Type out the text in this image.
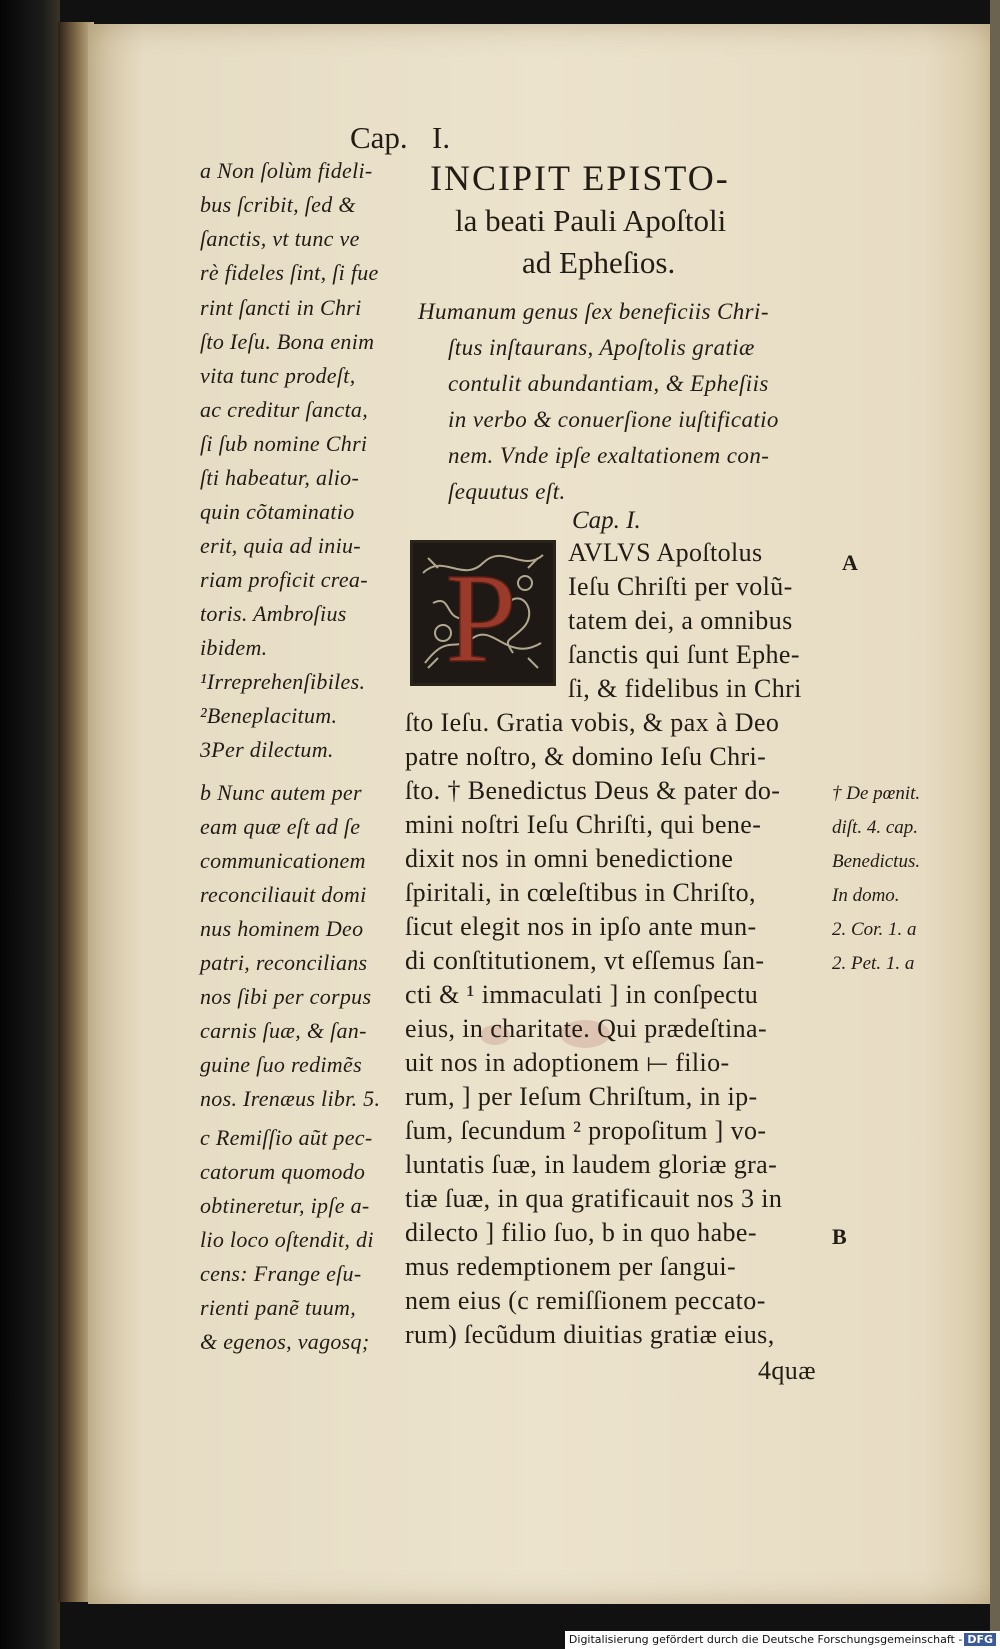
Cap. I.
INCIPIT EPISTO-
la beati Pauli Apoſtoli
ad Epheſios.
a Non ſolùm fideli-
bus ſcribit, ſed &
ſanctis, vt tunc ve
rè fideles ſint, ſi fue
rint ſancti in Chri
ſto Ieſu. Bona enim
vita tunc prodeſt,
ac creditur ſancta,
ſi ſub nomine Chri
ſti habeatur, alio-
quin cõtaminatio
erit, quia ad iniu-
riam proficit crea-
toris. Ambroſius
ibidem.
¹Irreprehenſibiles.
²Beneplacitum.
3Per dilectum.
b Nunc autem per
eam quæ eſt ad ſe
communicationem
reconciliauit domi
nus hominem Deo
patri, reconcilians
nos ſibi per corpus
carnis ſuæ, & ſan-
guine ſuo redimẽs
nos. Irenæus libr. 5.
c Remiſſio aũt pec-
catorum quomodo
obtineretur, ipſe a-
lio loco oſtendit, di
cens: Frange eſu-
rienti panẽ tuum,
& egenos, vagosq;
Humanum genus ſex beneficiis Chri-
ſtus inſtaurans, Apoſtolis gratiæ
contulit abundantiam, & Epheſiis
in verbo & conuerſione iuſtificatio
nem. Vnde ipſe exaltationem con-
ſequutus eſt.
Cap. I.
P AVLVS Apoſtolus
Ieſu Chriſti per volũ-
tatem dei, a omnibus
ſanctis qui ſunt Ephe-
ſi, & fidelibus in Chri
ſto Ieſu. Gratia vobis, & pax à Deo
patre noſtro, & domino Ieſu Chri-
ſto. † Benedictus Deus & pater do-
mini noſtri Ieſu Chriſti, qui bene-
dixit nos in omni benedictione
ſpiritali, in cœleſtibus in Chriſto,
ſicut elegit nos in ipſo ante mun-
di conſtitutionem, vt eſſemus ſan-
cti & ¹ immaculati ] in conſpectu
eius, in charitate. Qui prædeſtina-
uit nos in adoptionem ⟝ filio-
rum, ] per Ieſum Chriſtum, in ip-
ſum, ſecundum ² propoſitum ] vo-
luntatis ſuæ, in laudem gloriæ gra-
tiæ ſuæ, in qua gratificauit nos 3 in
dilecto ] filio ſuo, b in quo habe-
mus redemptionem per ſangui-
nem eius (c remiſſionem peccato-
rum) ſecũdum diuitias gratiæ eius,
4quæ
A
B
† De pœnit.
diſt. 4. cap.
Benedictus.
In domo.
2. Cor. 1. a
2. Pet. 1. a
Digitalisierung gefördert durch die Deutsche Forschungsgemeinschaft - DFG
